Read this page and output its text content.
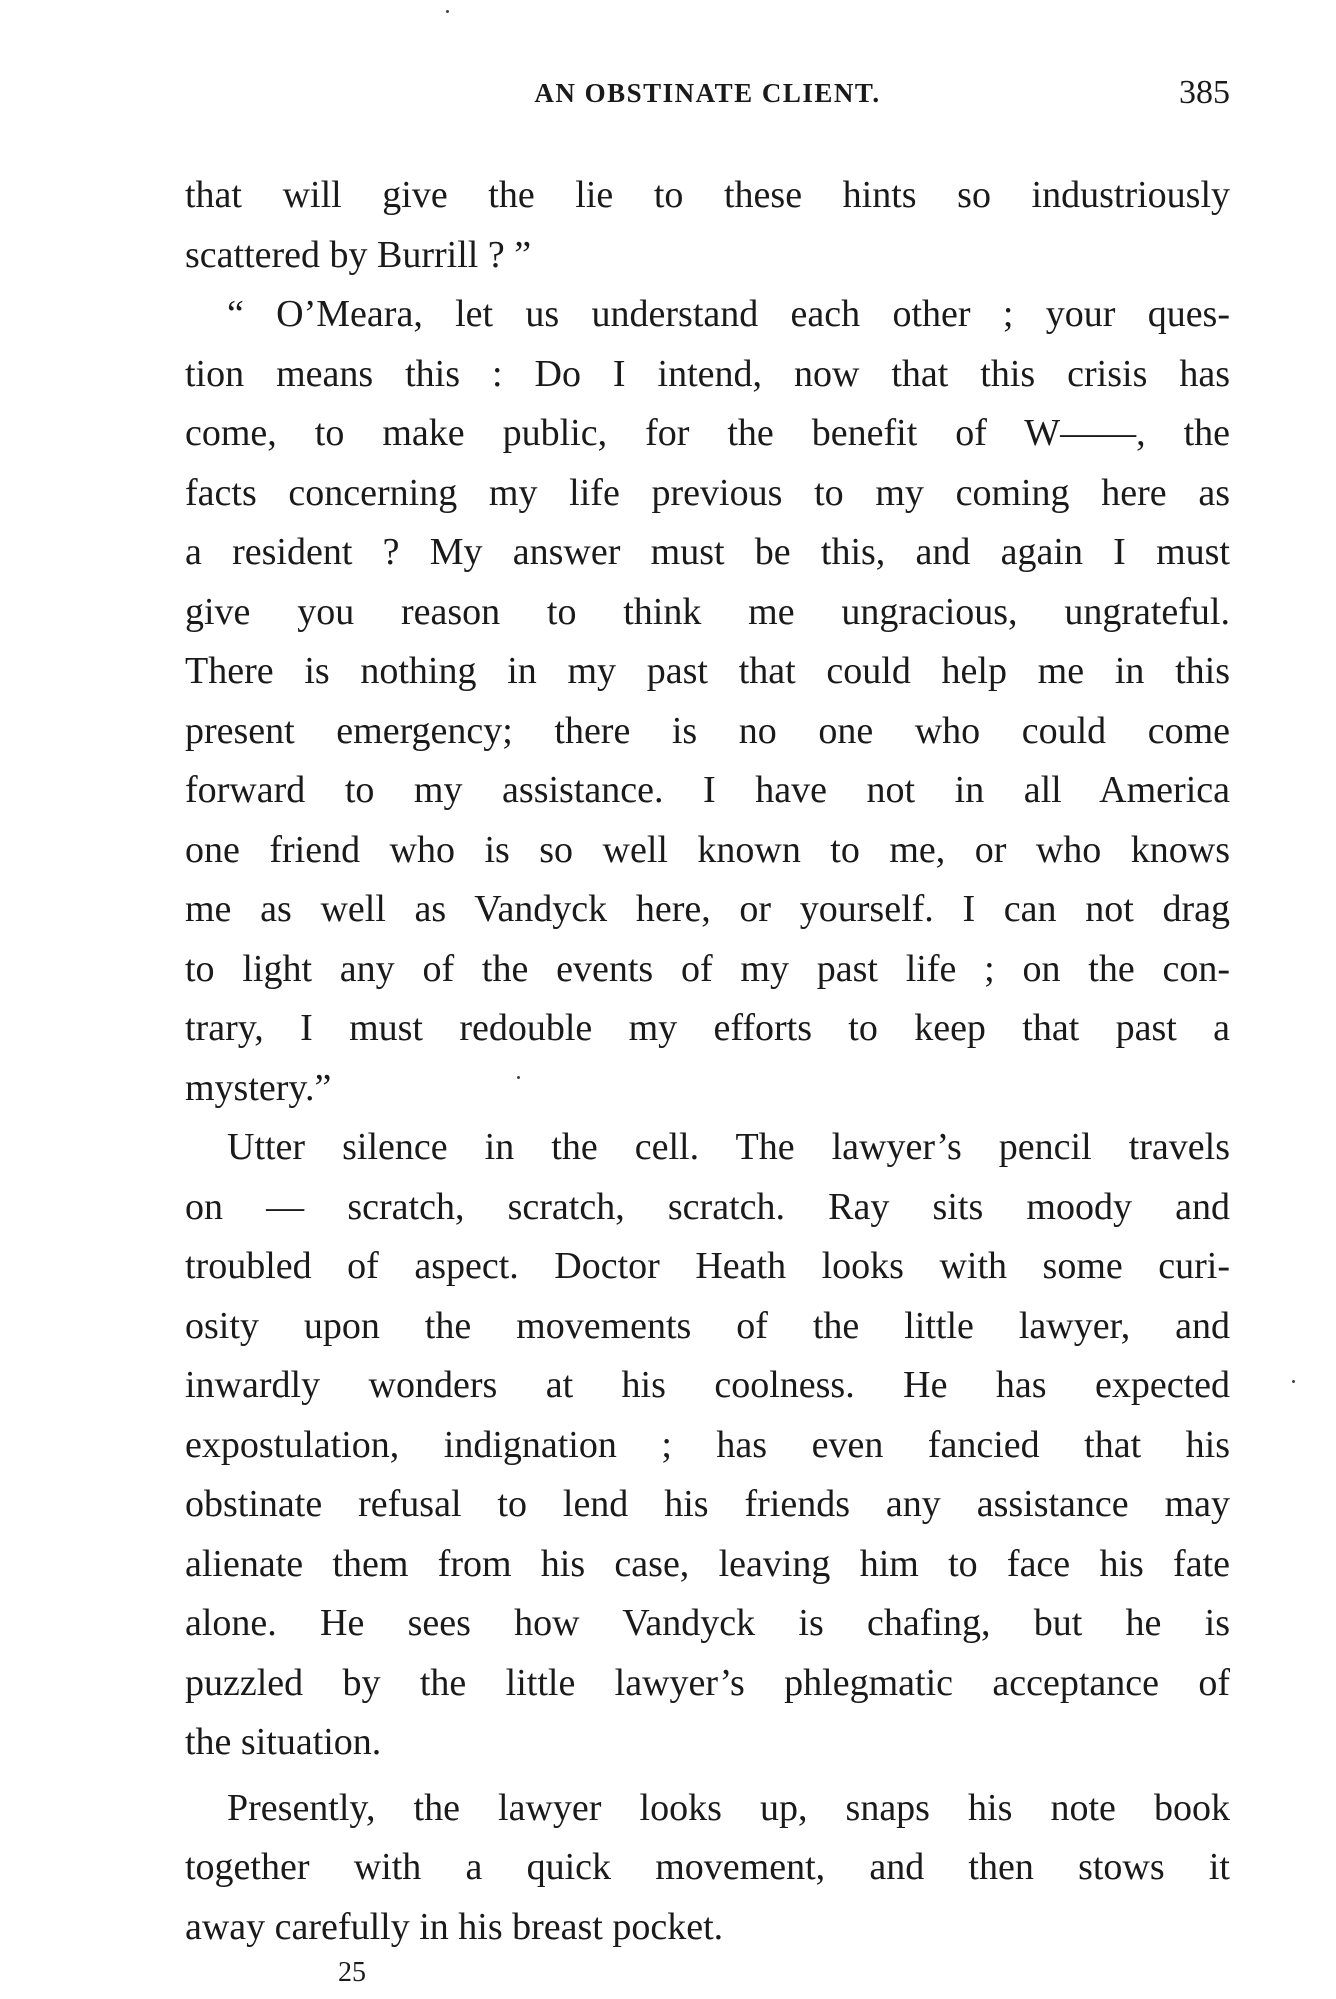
AN OBSTINATE CLIENT.	385
that will give the lie to these hints so industriously
scattered by Burrill ? ”
“ O’Meara, let us understand each other ; your ques-
tion means this : Do I intend, now that this crisis has
come, to make public, for the benefit of W——, the
facts concerning my life previous to my coming here as
a resident ? My answer must be this, and again I must
give you reason to think me ungracious, ungrateful.
There is nothing in my past that could help me in this
present emergency; there is no one who could come
forward to my assistance. I have not in all America
one friend who is so well known to me, or who knows
me as well as Vandyck here, or yourself. I can not drag
to light any of the events of my past life ; on the con-
trary, I must redouble my efforts to keep that past a
mystery.”
Utter silence in the cell. The lawyer’s pencil travels
on — scratch, scratch, scratch. Ray sits moody and
troubled of aspect. Doctor Heath looks with some curi-
osity upon the movements of the little lawyer, and
inwardly wonders at his coolness. He has expected
expostulation, indignation ; has even fancied that his
obstinate refusal to lend his friends any assistance may
alienate them from his case, leaving him to face his fate
alone. He sees how Vandyck is chafing, but he is
puzzled by the little lawyer’s phlegmatic acceptance of
the situation.
Presently, the lawyer looks up, snaps his note book
together with a quick movement, and then stows it
away carefully in his breast pocket.
25
